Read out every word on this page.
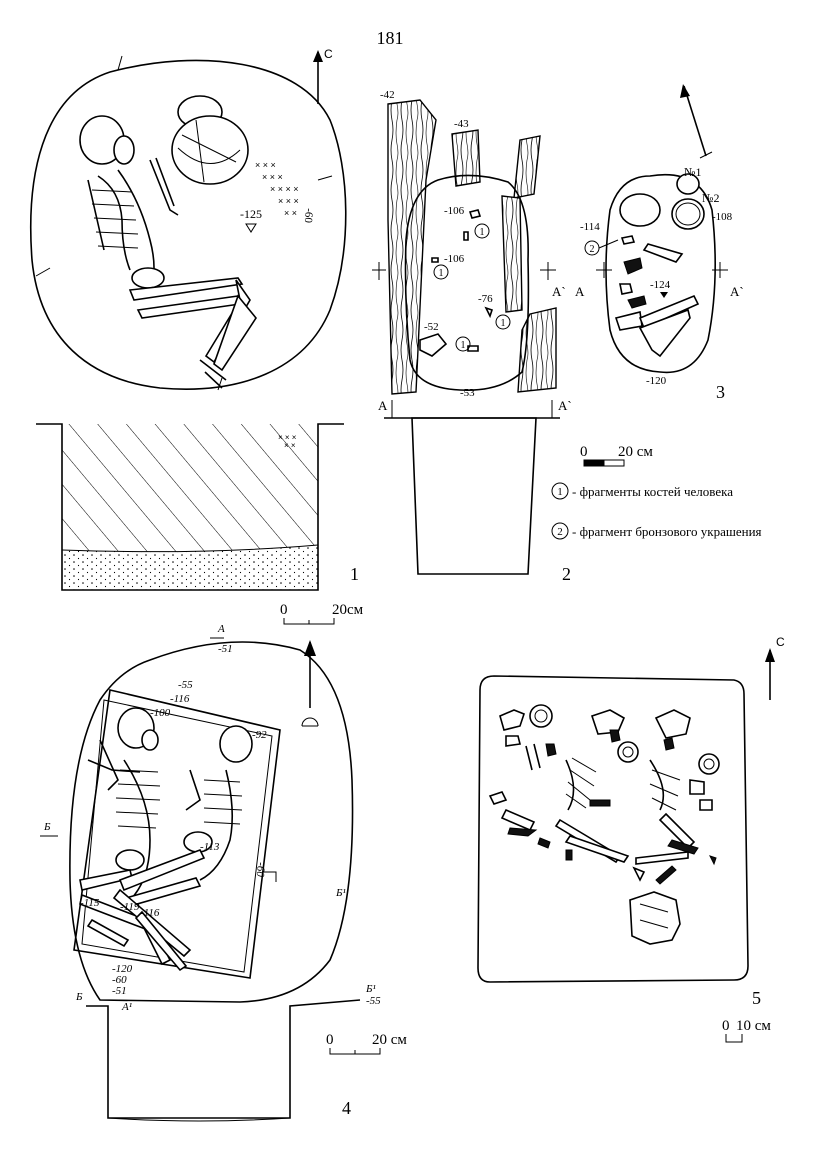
181
С
× × ×
× × ×
× × × ×
× × ×
× ×
-125	-60
× × ×
× ×
1
1
1
1
1
-42
-43
-106
-106
-76
-52
-53
A`
A	A`
2
2
№1
№2
-114
-108
-124
-120
A	A`
3
0 20 см
1 - фрагменты костей человека
2 - фрагмент бронзового украшения
0	20см
-51
-55
-116
-100
-92
-60
-113
-119
-115
-116
-120
-60
-51
-55
A
Б
Б¹
Б
Б¹
A¹
4
0	20 см
С
5
0 10 см
